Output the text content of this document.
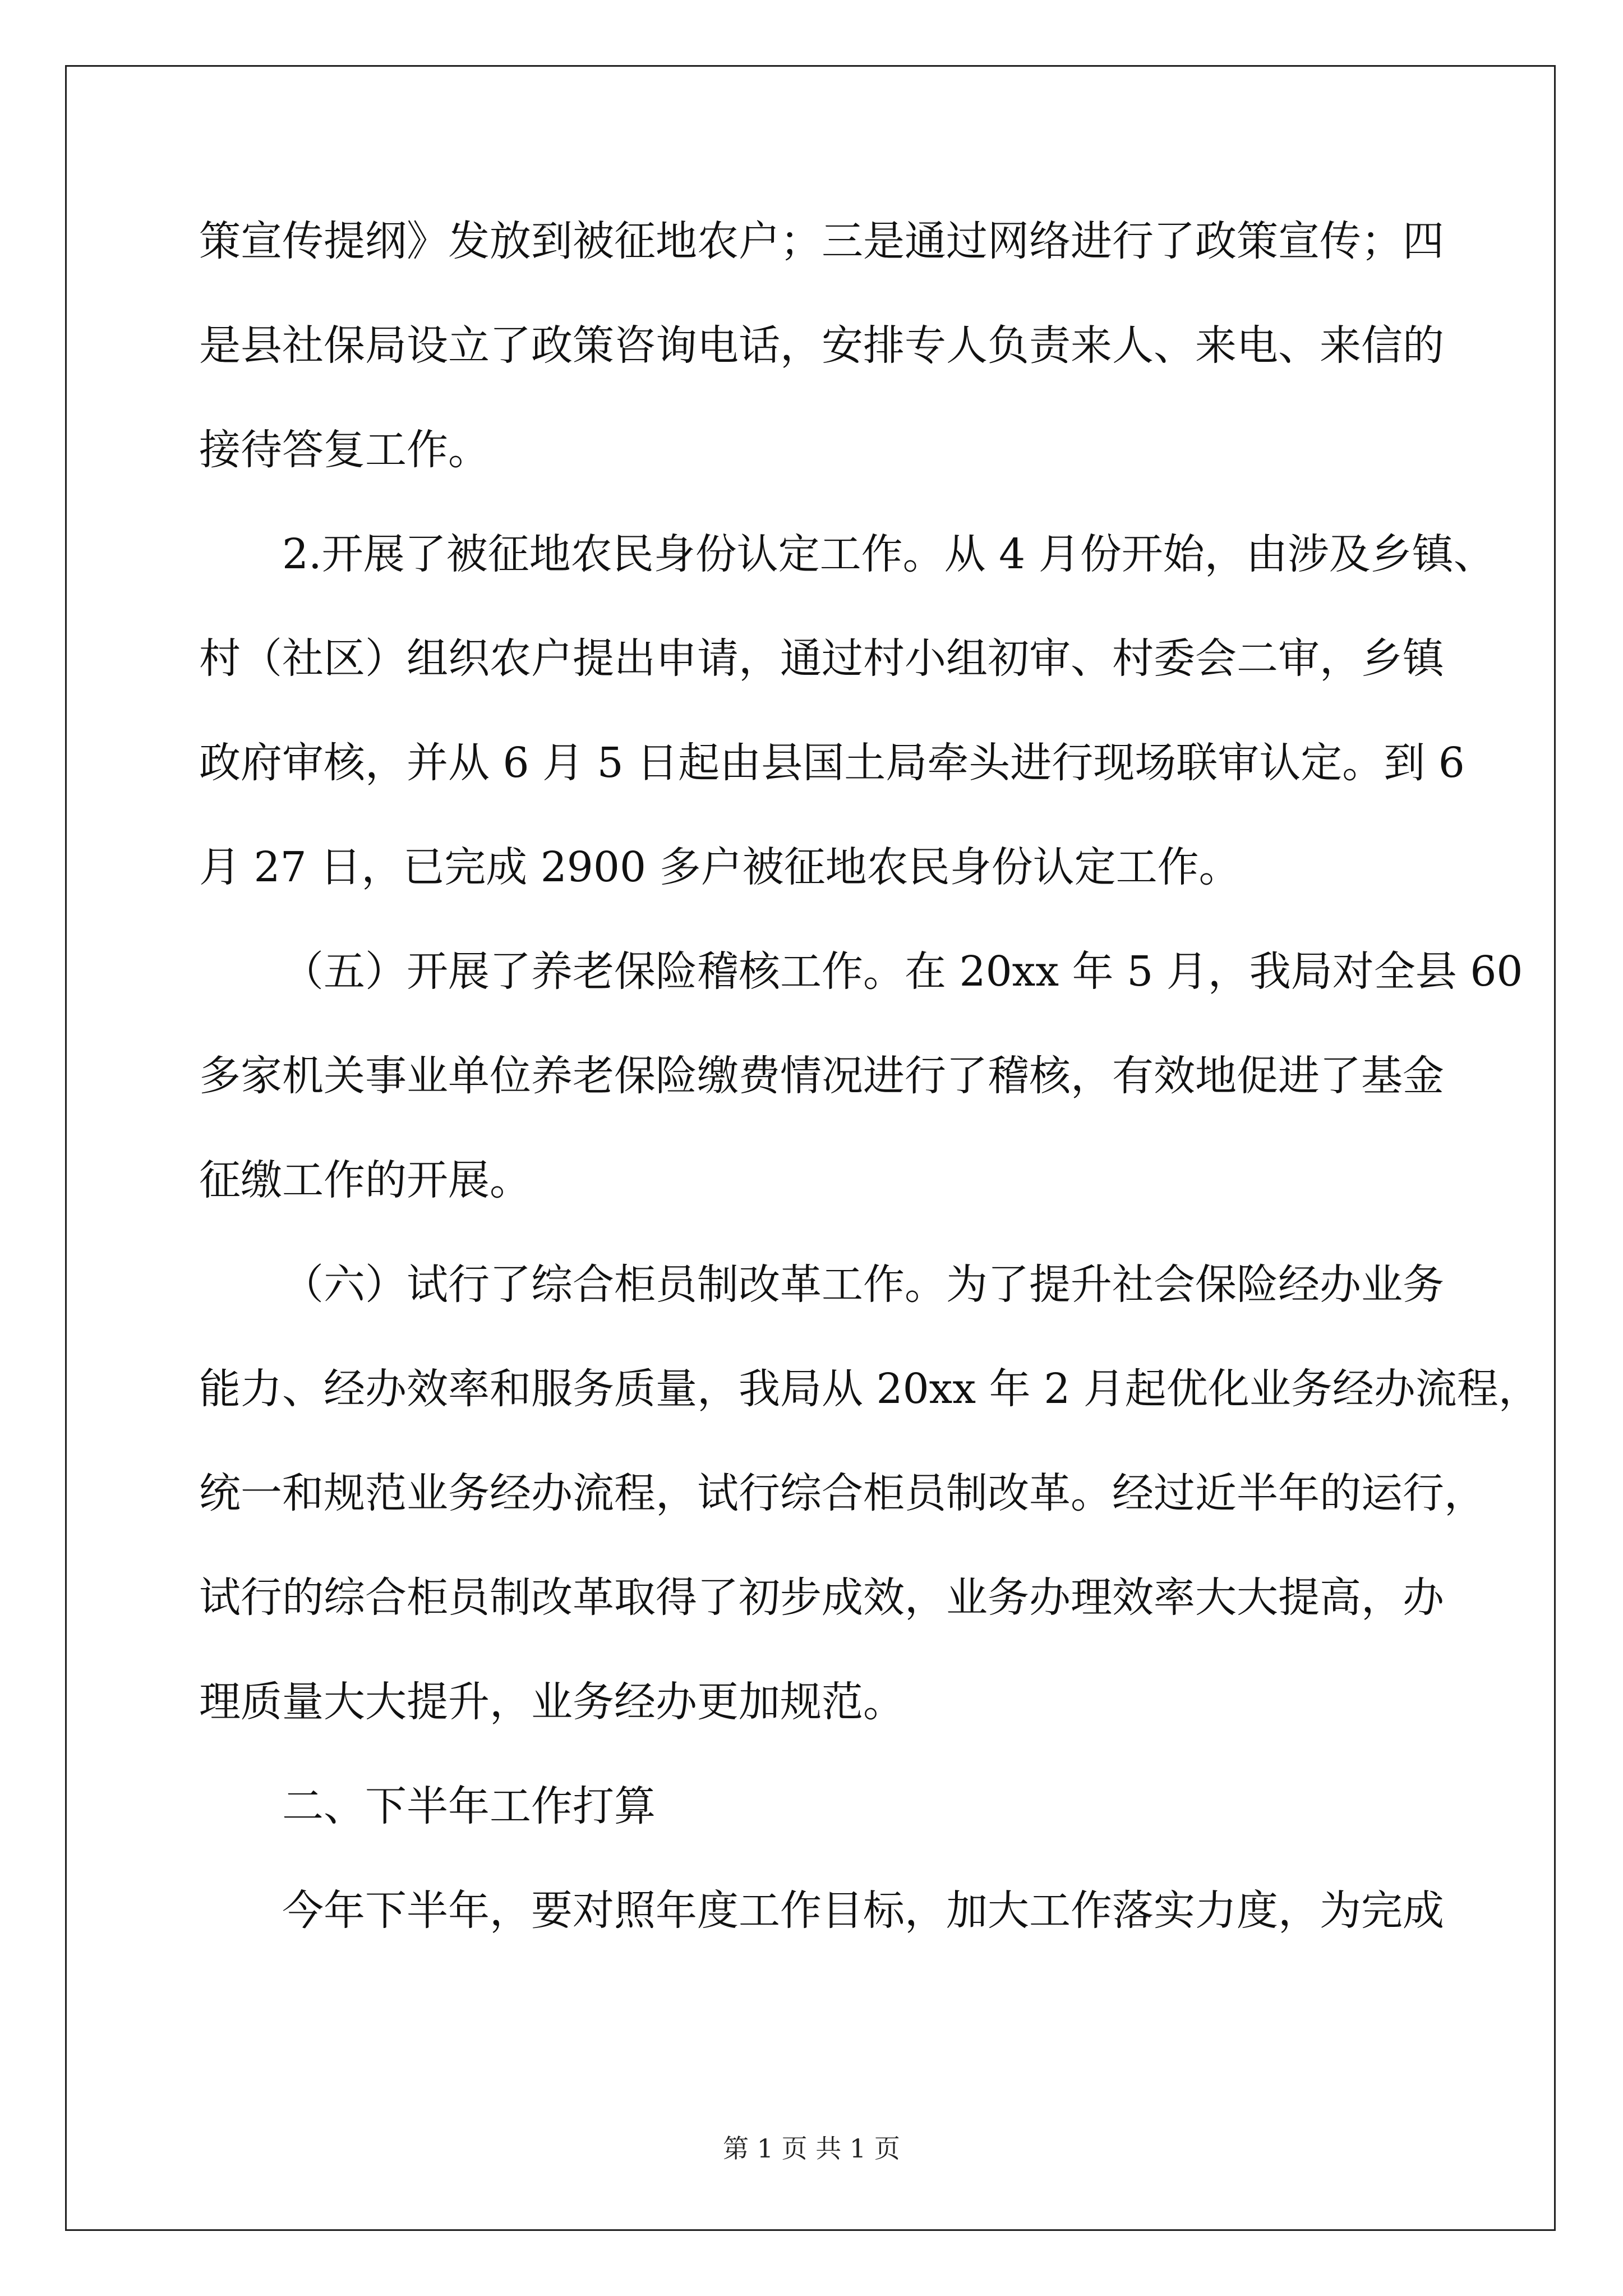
策宣传提纲》发放到被征地农户；三是通过网络进行了政策宣传；四
是县社保局设立了政策咨询电话，安排专人负责来人、来电、来信的
接待答复工作。
2.开展了被征地农民身份认定工作。从 4 月份开始，由涉及乡镇、
村（社区）组织农户提出申请，通过村小组初审、村委会二审，乡镇
政府审核，并从 6 月 5 日起由县国土局牵头进行现场联审认定。到 6
月 27 日，已完成 2900 多户被征地农民身份认定工作。
（五）开展了养老保险稽核工作。在 20xx 年 5 月，我局对全县 60
多家机关事业单位养老保险缴费情况进行了稽核，有效地促进了基金
征缴工作的开展。
（六）试行了综合柜员制改革工作。为了提升社会保险经办业务
能力、经办效率和服务质量，我局从 20xx 年 2 月起优化业务经办流程，
统一和规范业务经办流程，试行综合柜员制改革。经过近半年的运行，
试行的综合柜员制改革取得了初步成效，业务办理效率大大提高，办
理质量大大提升，业务经办更加规范。
二、下半年工作打算
今年下半年，要对照年度工作目标，加大工作落实力度，为完成
第 1 页 共 1 页
